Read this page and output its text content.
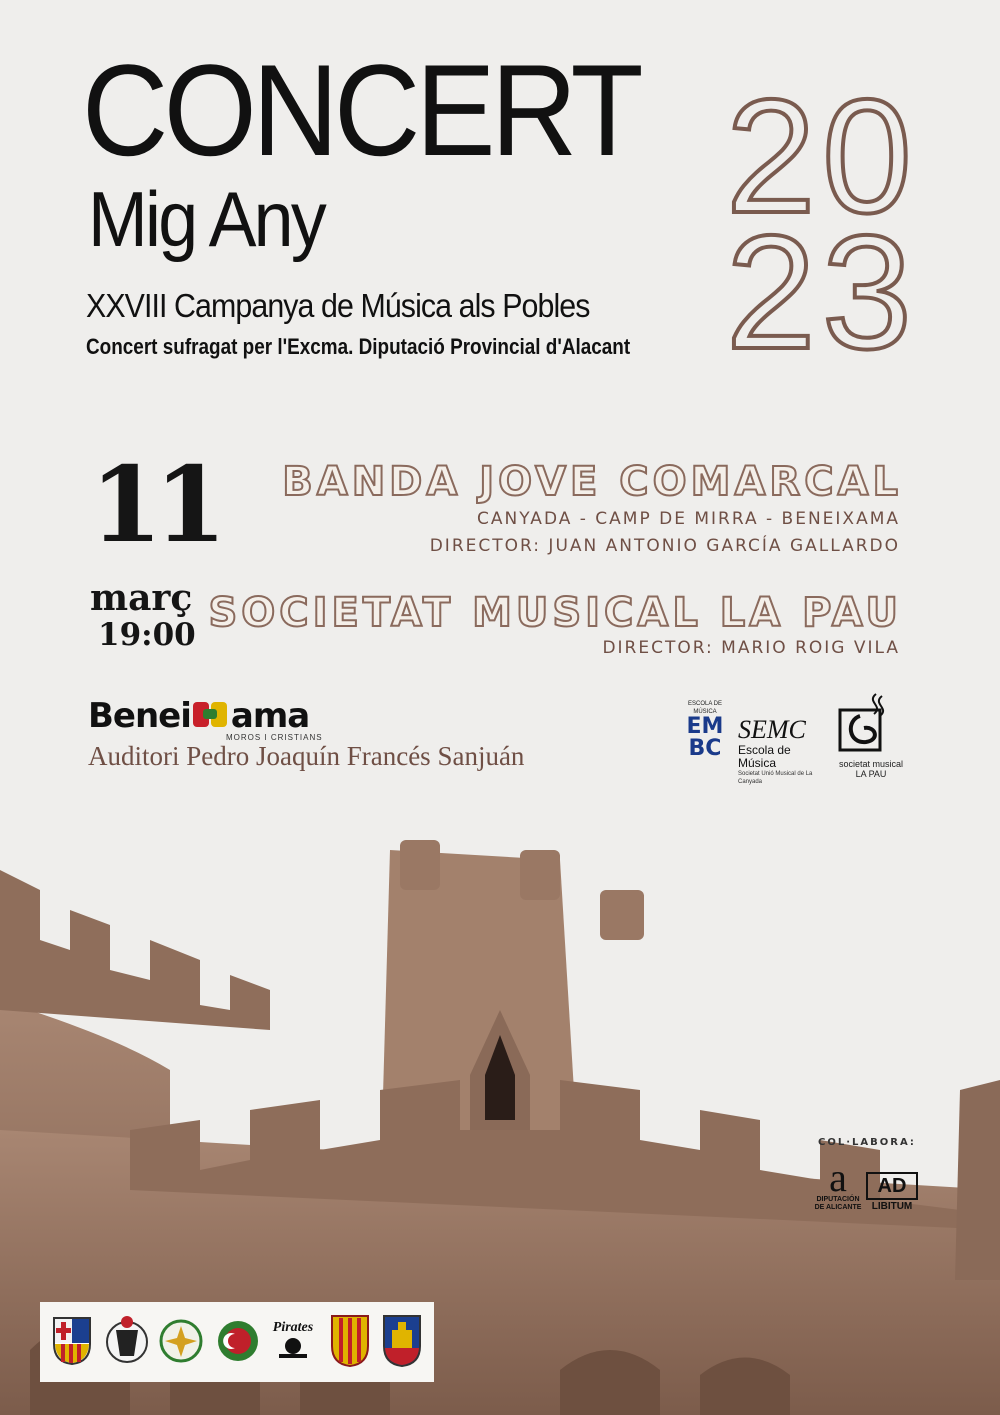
CONCERT
Mig Any
XXVIII Campanya de Música als Pobles
Concert sufragat per l'Excma. Diputació Provincial d'Alacant
20
23
11
març
19:00
BANDA JOVE COMARCAL
CANYADA - CAMP DE MIRRA - BENEIXAMA
DIRECTOR: JUAN ANTONIO GARCÍA GALLARDO
SOCIETAT MUSICAL LA PAU
DIRECTOR: MARIO ROIG VILA
Benei ama
MOROS I CRISTIANS
Auditori Pedro Joaquín Francés Sanjuán
ESCOLA DE MÚSICA
EM
BC
SEMC
Escola de Música
Societat Unió Musical de La Canyada
societat musical
LA PAU
COL·LABORA:
a
DIPUTACIÓN
DE ALICANTE
AD
LIBITUM
Pirates
